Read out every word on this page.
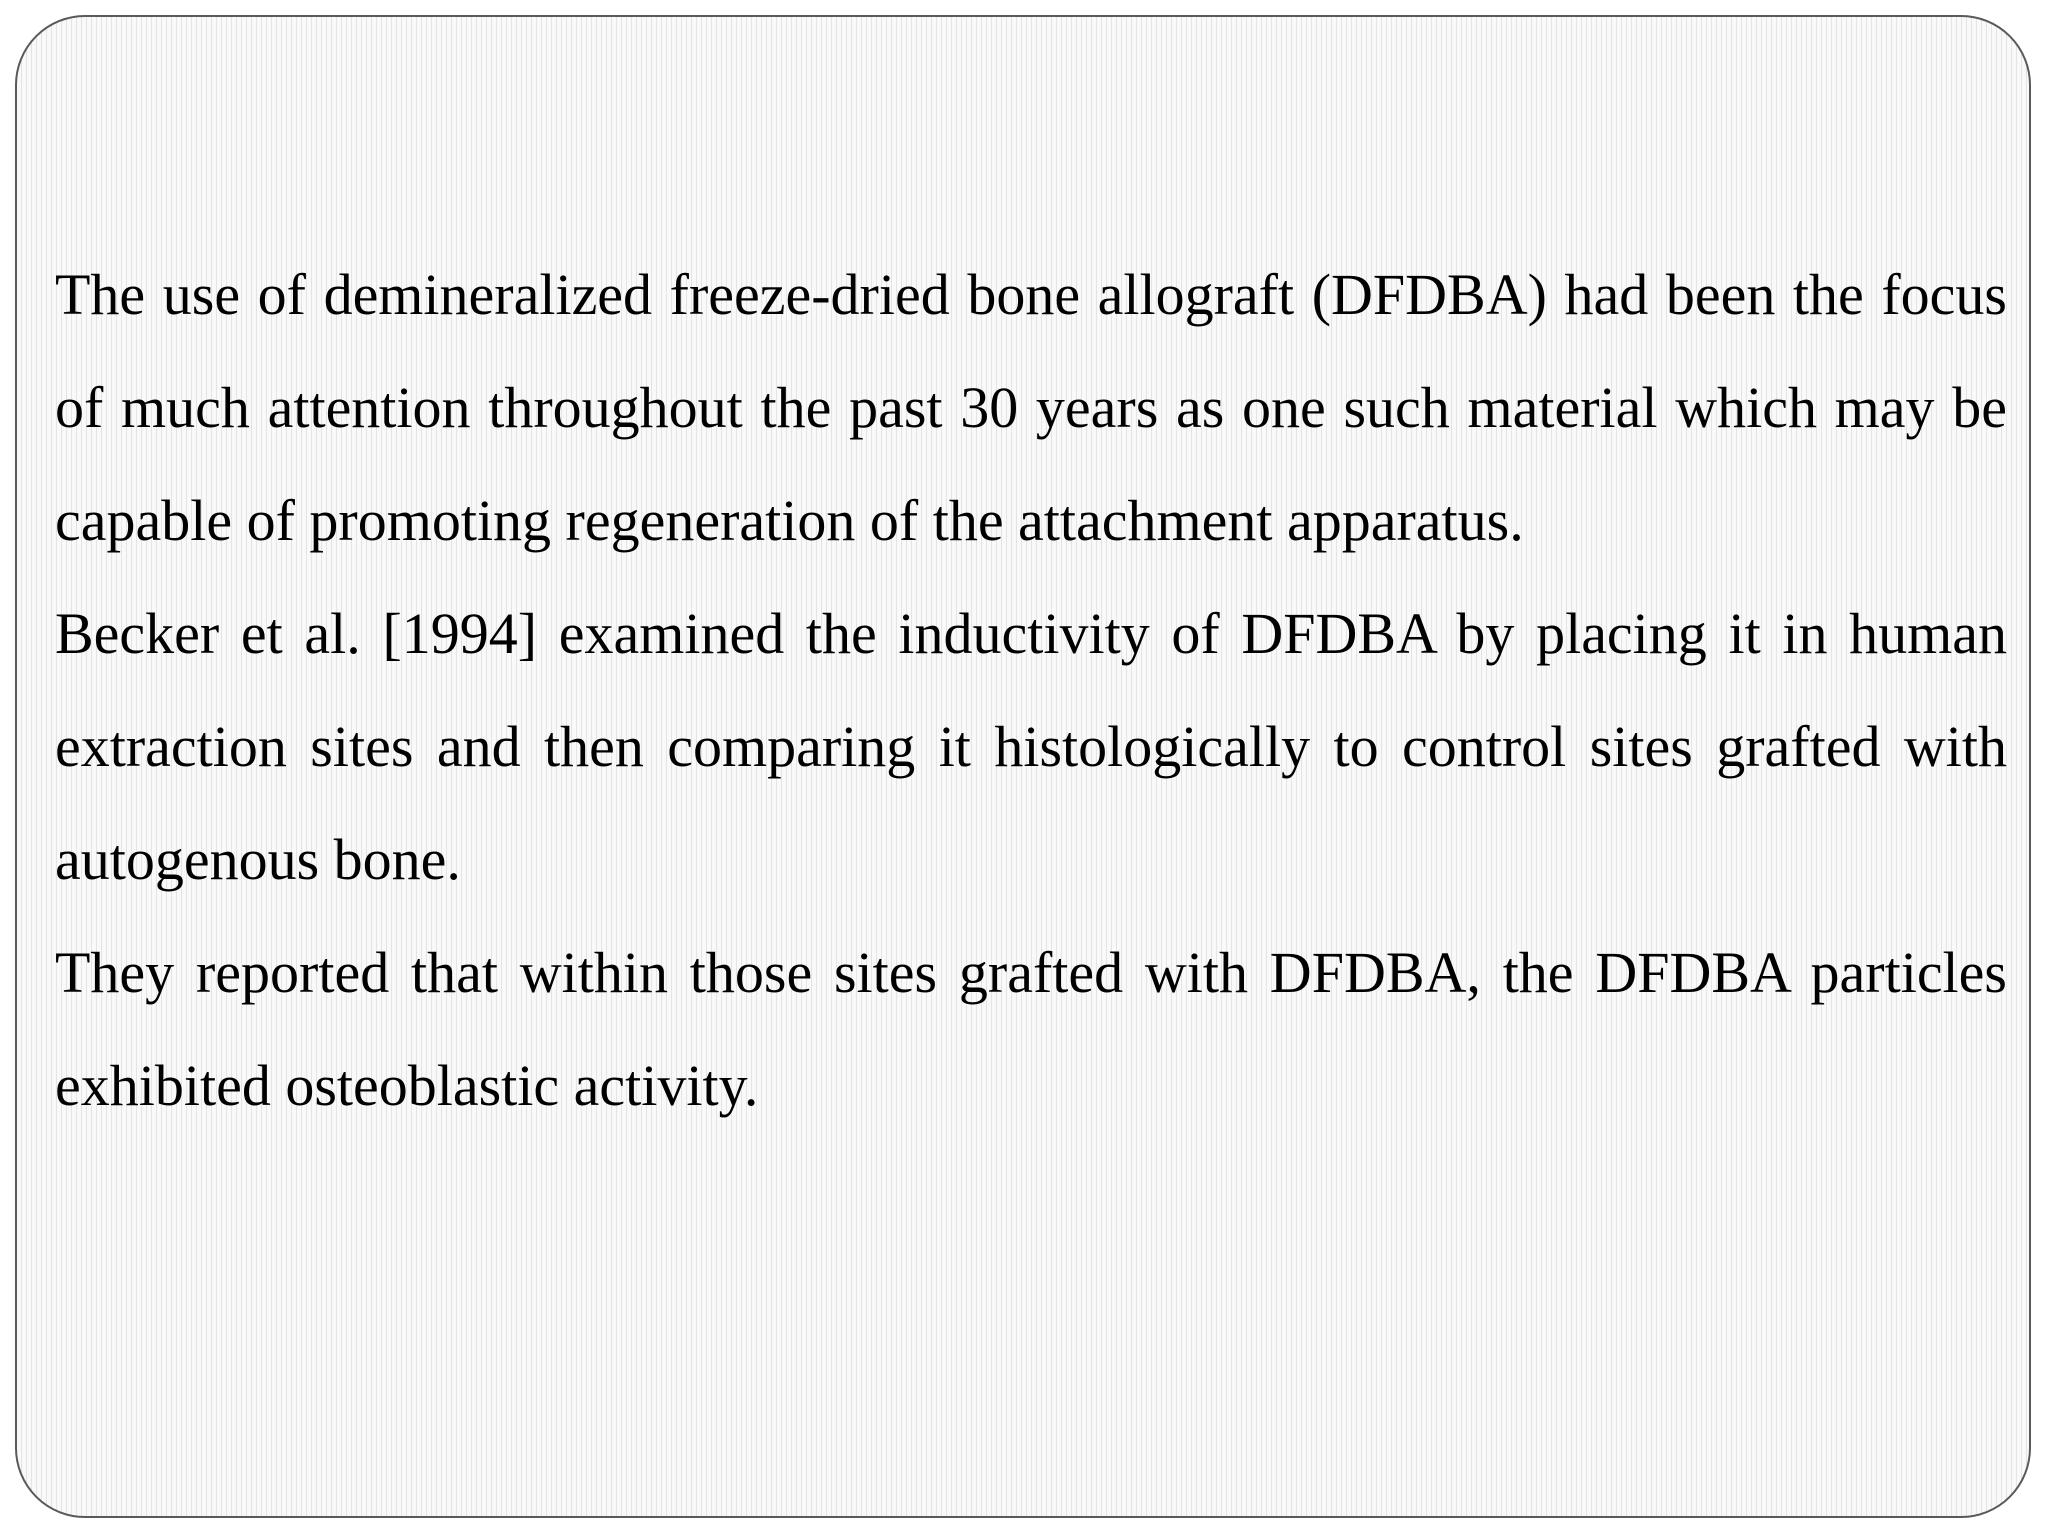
The use of demineralized freeze-dried bone allograft (DFDBA) had been the focus of much attention throughout the past 30 years as one such material which may be capable of promoting regeneration of the attachment apparatus.

Becker et al. [1994] examined the inductivity of DFDBA by placing it in human extraction sites and then comparing it histologically to control sites grafted with autogenous bone.

They reported that within those sites grafted with DFDBA, the DFDBA particles exhibited osteoblastic activity.
